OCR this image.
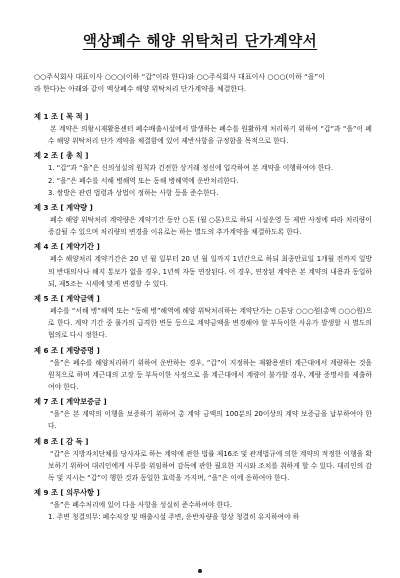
액상폐수 해양 위탁처리 단가계약서
○○주식회사 대표이사 ○○○(이하 “갑”이라 한다)와 ○○주식회사 대표이사 ○○○(이하 “을”이
라 한다)는 아래와 같이 액상폐수 해양 위탁처리 단가계약을 체결한다.
제 1 조 [ 목 적 ]
본 계약은 의왕시재활용센터 폐수배출시설에서 발생하는 폐수를 원활하게 처리하기 위하여 “갑”과 “을”이 폐수 해양 위탁처리 단가 계약을 체결함에 있어 제반사항을 규정함을 목적으로 한다.
제 2 조 [ 총 칙 ]
1. “갑”과 “을”은 신의성실의 원칙과 건전한 상거래 정신에 입각하여 본 계약을 이행하여야 한다.
2. “을”은 폐수를 서해 병해역 또는 동해 병해역에 운반처리한다.
3. 쌍방은 관련 법령과 상법이 정하는 사항 등을 준수한다.
제 3 조 [ 계약량 ]
폐수 해양 위탁처리 계약량은 계약기간 동안 ○톤 (월 ○톤)으로 하되 시설운영 등 제반 사정에 따라 처리량이 증감될 수 있으며 처리량의 변경을 이유로는 하는 별도의 추가계약을 체결하도록 한다.
제 4 조 [ 계약기간 ]
폐수 해양처리 계약기간은 20 년 월 일부터 20 년 월 일까지 1년간으로 하되 최종만료일 1개월 전까지 일방의 반대의사나 해지 통보가 없을 경우, 1년씩 자동 연장된다. 이 경우, 연장된 계약은 본 계약의 내용과 동일하되, 제5조는 시세에 맞게 변경할 수 있다.
제 5 조 [ 계약금액 ]
폐수를 “서해 병”해역 또는 “동해 병”해역에 해양 위탁처리하는 계약단가는 ○톤당 ○○○원(총액 ○○○원)으로 한다. 계약 기간 중 물가의 급격한 변동 등으로 계약금액을 변경해야 할 부득이한 사유가 발생할 시 별도의 협의로 다시 정한다.
제 6 조 [ 계량증명 ]
“을”은 폐수를 해양처리하기 위하여 운반하는 경우, “갑”이 지정하는 재활용센터 계근대에서 계량하는 것을 원칙으로 하며 계근대의 고장 등 부득이한 사정으로 을 계근대에서 계량이 불가할 경우, 계량 증명서를 제출하여야 한다.
제 7 조 [ 계약보증금 ]
“을”은 본 계약의 이행을 보증하기 위하여 총 계약 금액의 100분의 20이상의 계약 보증금을 납부하여야 한다.
제 8 조 [ 감 독 ]
“갑”은 지방자치단체를 당사자로 하는 계약에 관한 법률 제16조 및 관계법규에 의한 계약의 적정한 이행을 확보하기 위하여 대리인에게 사무를 위임하여 감독에 관한 필요한 지시와 조치를 취하게 할 수 있다. 대리인의 감독 및 지시는 “갑”이 행한 것과 동일한 효력을 가지며, “을”은 이에 응하여야 한다.
제 9 조 [ 의무사항 ]
“을”은 폐수처리에 있어 다음 사항을 성실히 준수하여야 한다.
1. 주변 청결의무: 폐수저장 및 배출시설 주변, 운반차량을 항상 청결히 유지하여야 하
